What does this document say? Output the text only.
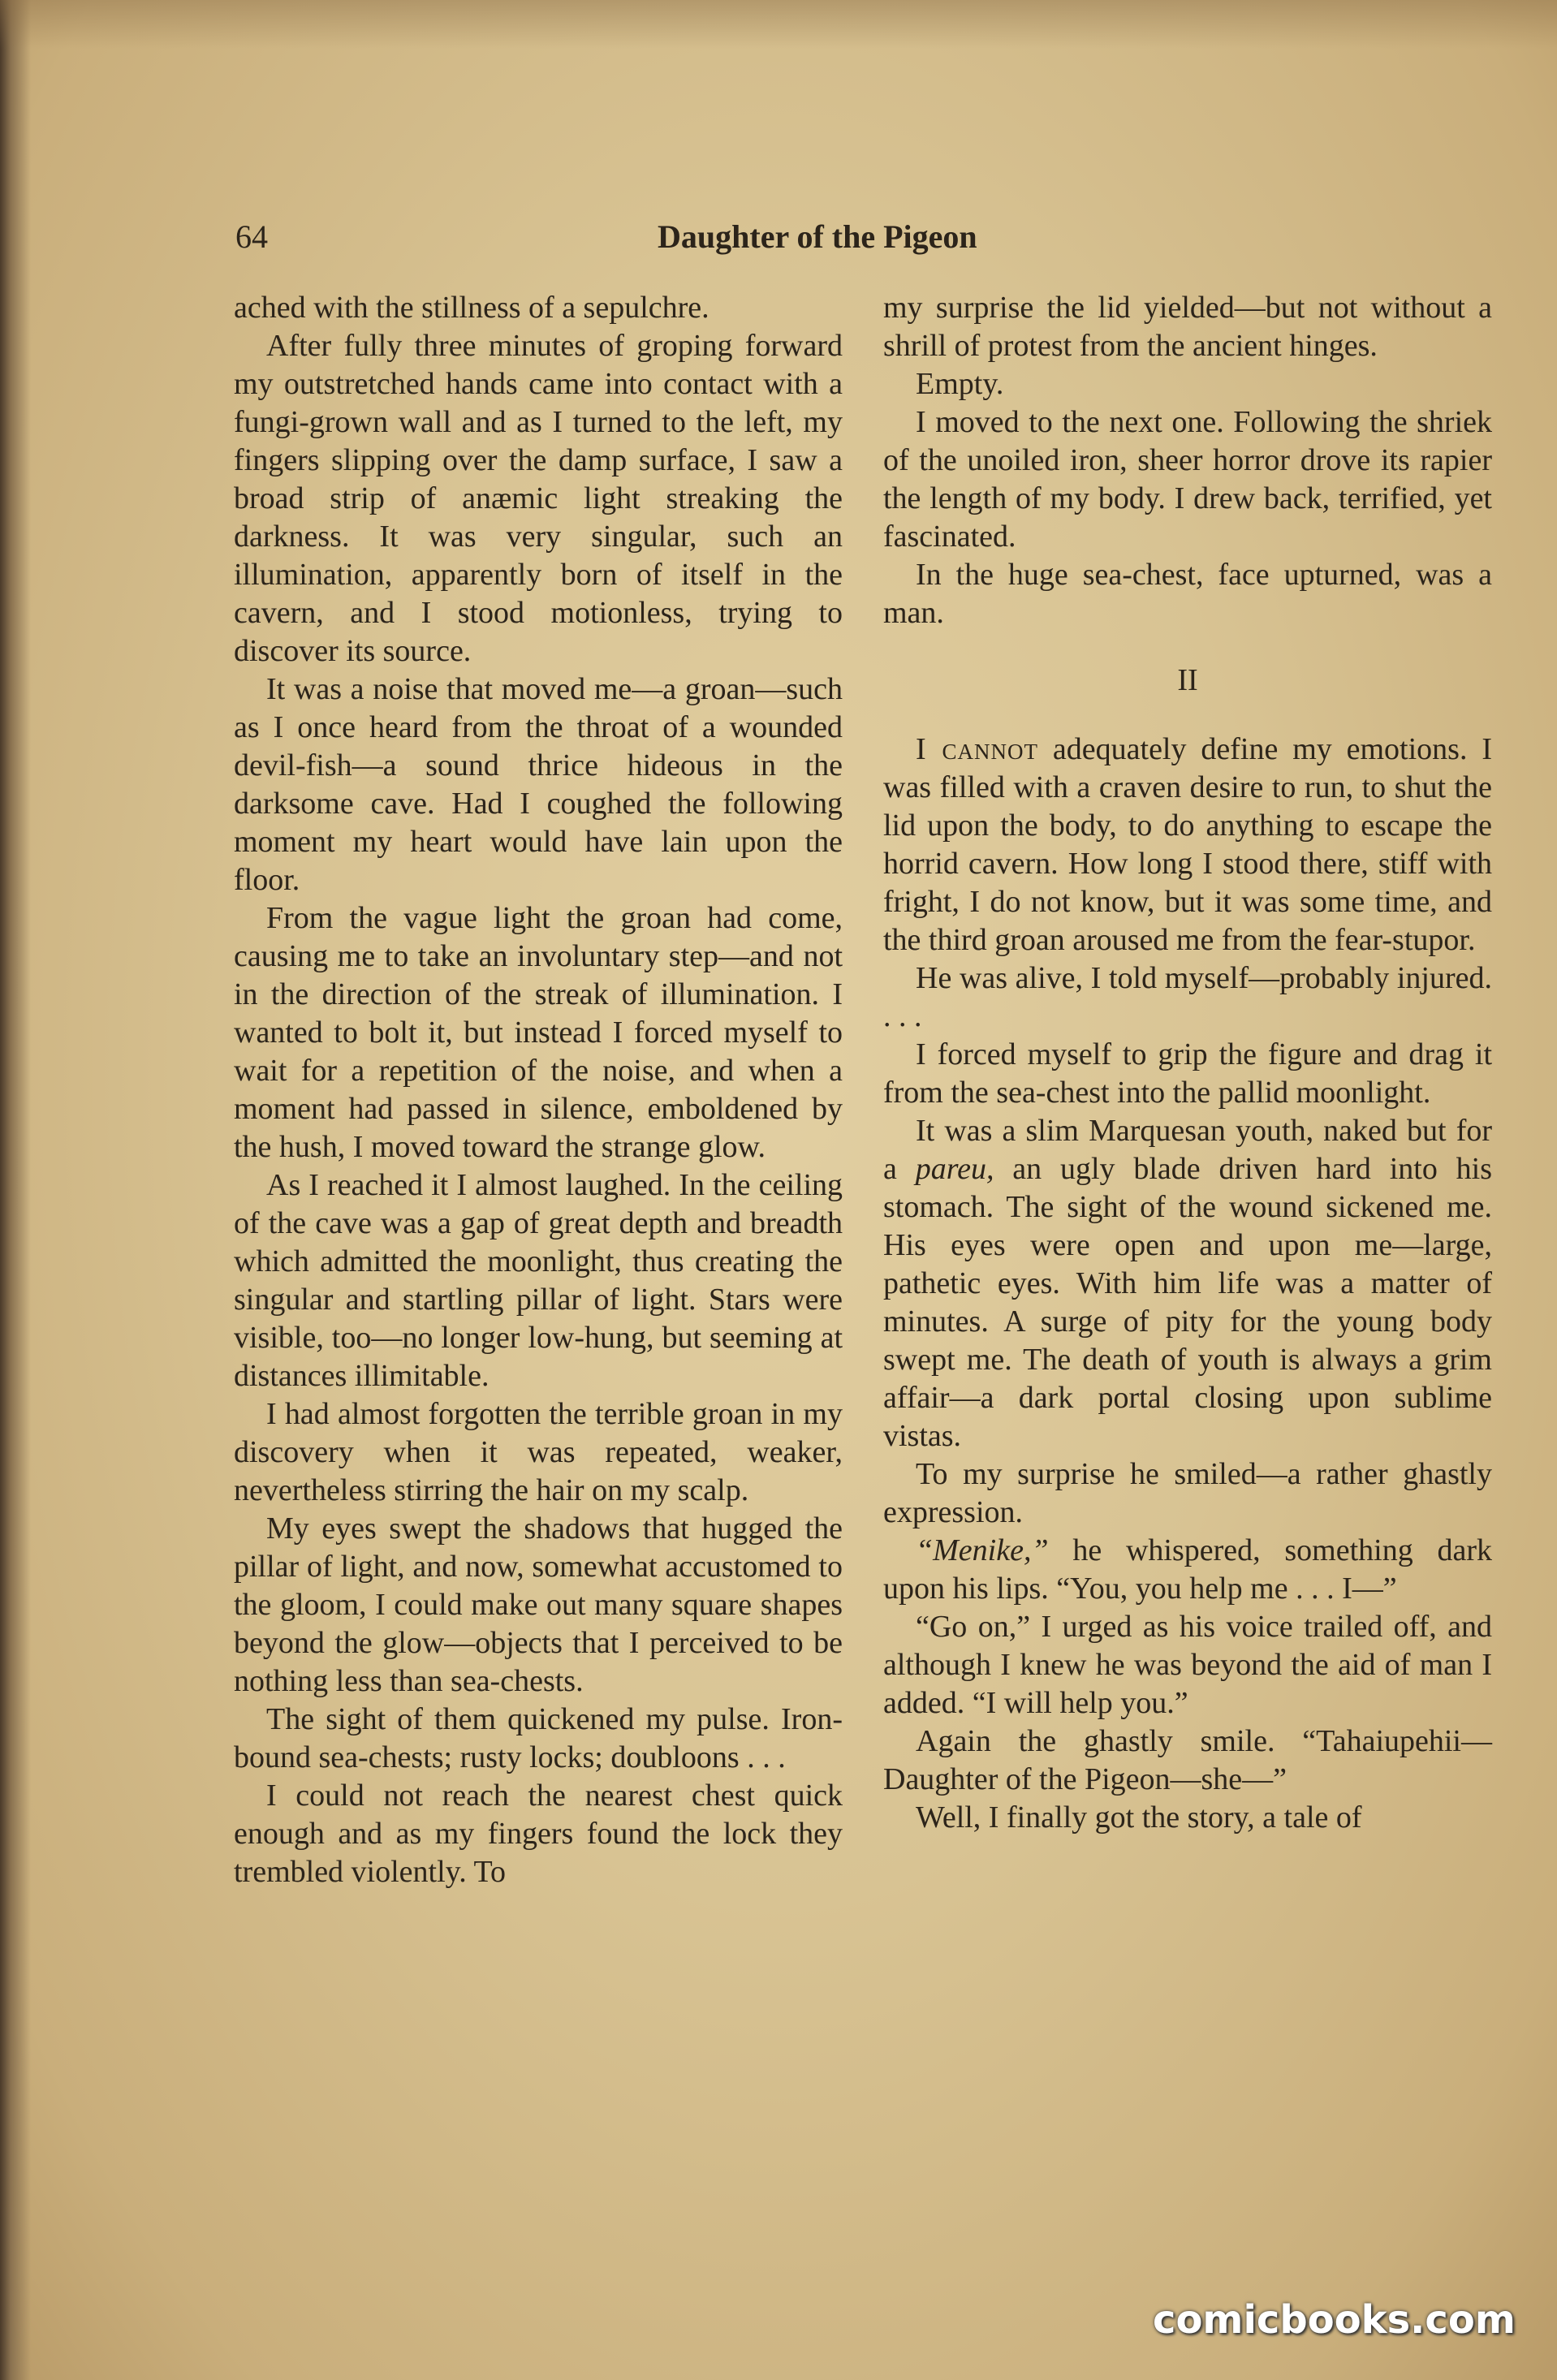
64	Daughter of the Pigeon

ached with the stillness of a sepulchre.

After fully three minutes of groping forward my outstretched hands came into contact with a fungi-grown wall and as I turned to the left, my fingers slipping over the damp surface, I saw a broad strip of anæmic light streaking the darkness. It was very singular, such an illumination, apparently born of itself in the cavern, and I stood motionless, trying to discover its source.

It was a noise that moved me—a groan—such as I once heard from the throat of a wounded devil-fish—a sound thrice hideous in the darksome cave. Had I coughed the following moment my heart would have lain upon the floor.

From the vague light the groan had come, causing me to take an involuntary step—and not in the direction of the streak of illumination. I wanted to bolt it, but instead I forced myself to wait for a repetition of the noise, and when a moment had passed in silence, emboldened by the hush, I moved toward the strange glow.

As I reached it I almost laughed. In the ceiling of the cave was a gap of great depth and breadth which admitted the moonlight, thus creating the singular and startling pillar of light. Stars were visible, too—no longer low-hung, but seeming at distances illimitable.

I had almost forgotten the terrible groan in my discovery when it was repeated, weaker, nevertheless stirring the hair on my scalp.

My eyes swept the shadows that hugged the pillar of light, and now, somewhat accustomed to the gloom, I could make out many square shapes beyond the glow—objects that I perceived to be nothing less than sea-chests.

The sight of them quickened my pulse. Iron-bound sea-chests; rusty locks; doubloons . . .

I could not reach the nearest chest quick enough and as my fingers found the lock they trembled violently. To

my surprise the lid yielded—but not without a shrill of protest from the ancient hinges.

Empty.

I moved to the next one. Following the shriek of the unoiled iron, sheer horror drove its rapier the length of my body. I drew back, terrified, yet fascinated.

In the huge sea-chest, face upturned, was a man.

II

I cannot adequately define my emotions. I was filled with a craven desire to run, to shut the lid upon the body, to do anything to escape the horrid cavern. How long I stood there, stiff with fright, I do not know, but it was some time, and the third groan aroused me from the fear-stupor.

He was alive, I told myself—probably injured. . . .

I forced myself to grip the figure and drag it from the sea-chest into the pallid moonlight.

It was a slim Marquesan youth, naked but for a pareu, an ugly blade driven hard into his stomach. The sight of the wound sickened me. His eyes were open and upon me—large, pathetic eyes. With him life was a matter of minutes. A surge of pity for the young body swept me. The death of youth is always a grim affair—a dark portal closing upon sublime vistas.

To my surprise he smiled—a rather ghastly expression.

“Menike,” he whispered, something dark upon his lips. “You, you help me . . . I—”

“Go on,” I urged as his voice trailed off, and although I knew he was beyond the aid of man I added. “I will help you.”

Again the ghastly smile. “Tahaiupehii—Daughter of the Pigeon—she—”

Well, I finally got the story, a tale of

comicbooks.com
